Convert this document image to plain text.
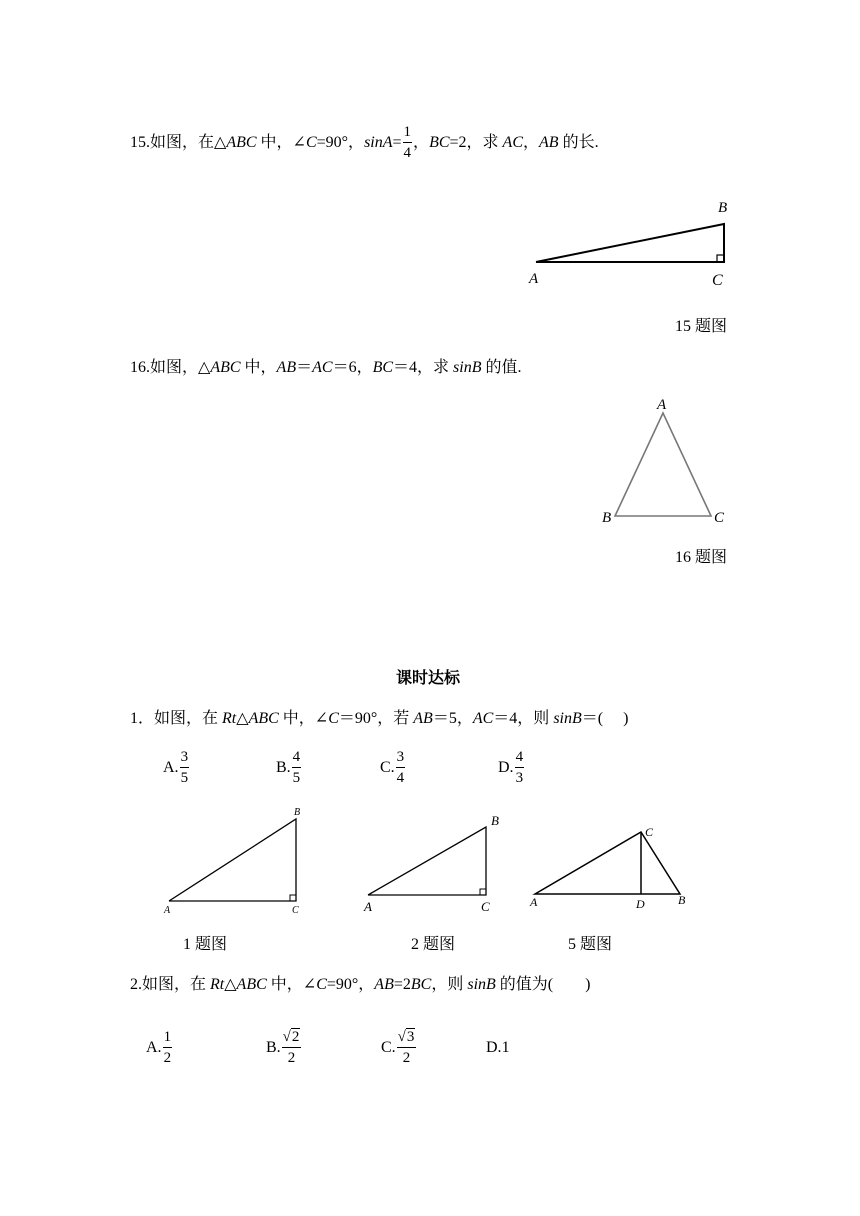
15.如图，在△ABC 中，∠C=90°，$\sin A= \frac{1}{4}$ ，BC=2，求 AC，AB 的长.
B
A	C
15 题图
16.如图，△ABC 中，AB＝AC＝6，BC＝4，求 sinB 的值.
A
B	C
16 题图
课时达标
1．如图，在 Rt△ABC 中，∠C＝90°，若 AB＝5，AC＝4，则 sinB＝(　 )
A. $\frac{3}{5}$	B. $\frac{4}{5}$	C. $\frac{3}{4}$	D. $\frac{4}{3}$
B
A	C
1 题图
B
A	C
2 题图
C
A	D	B
5 题图
2.如图，在 Rt△ABC 中，∠C=90°，AB=2BC，则 sinB 的值为(　　)
A. $\frac{1}{2}$	B. $\frac{√2}{2}$	C. $\frac{√3}{2}$	D.1
